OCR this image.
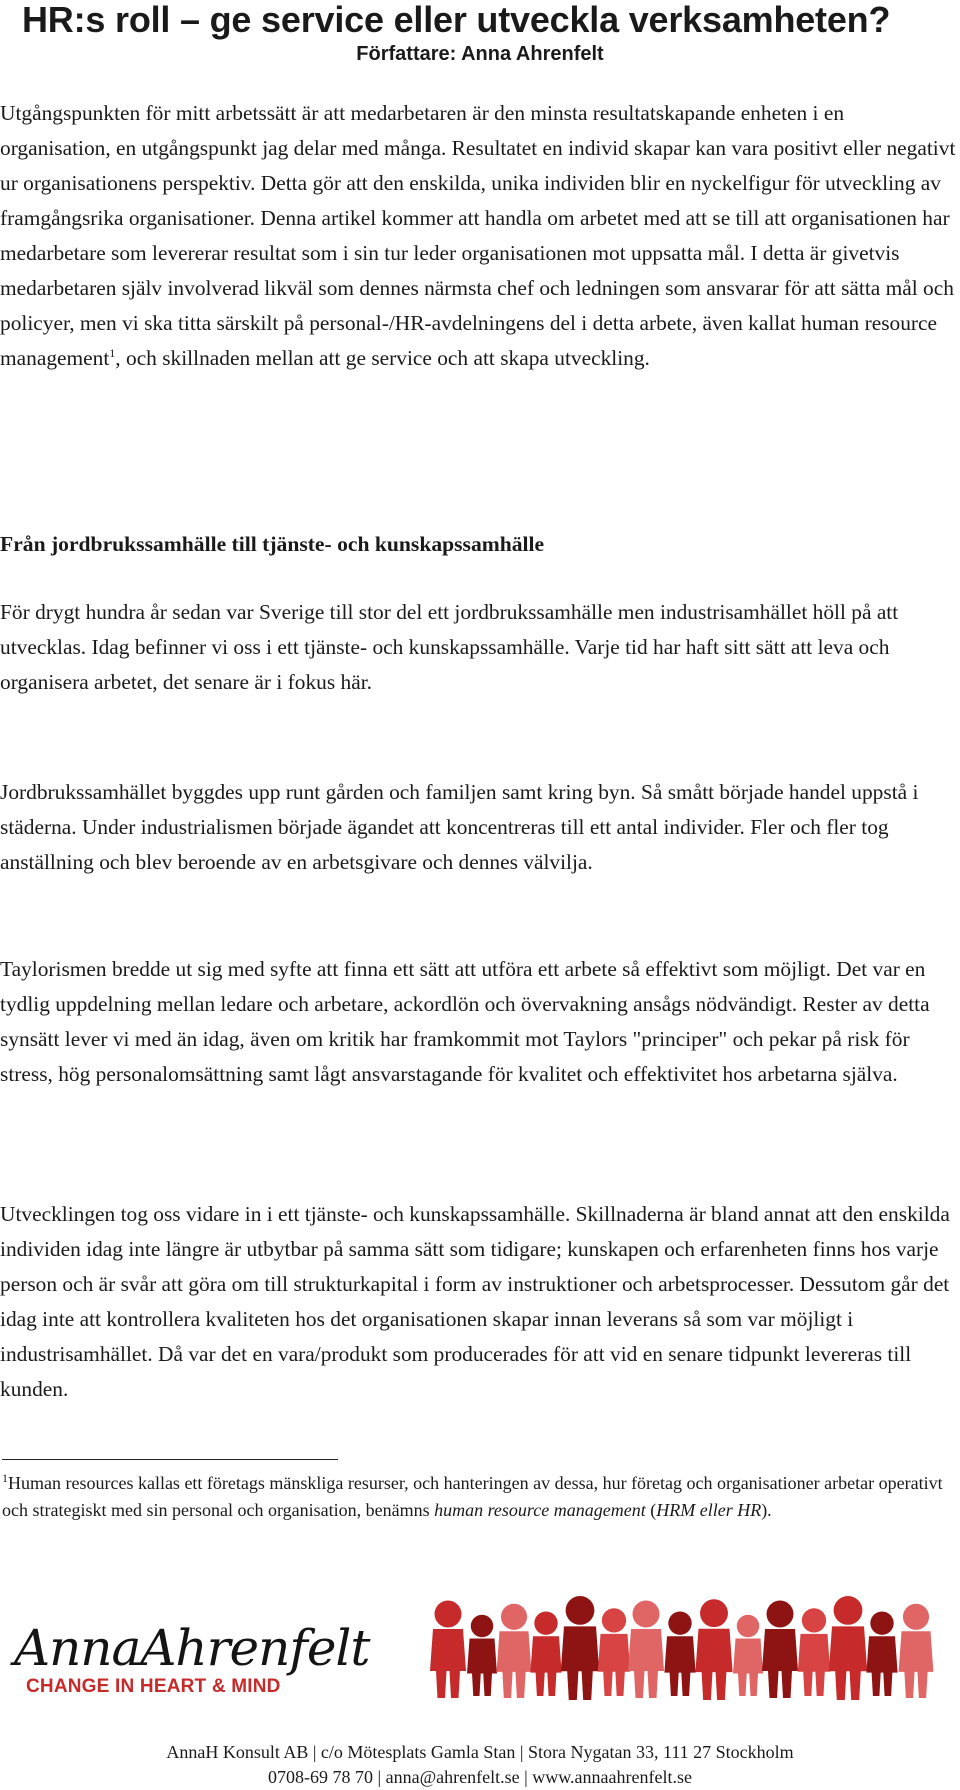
HR:s roll – ge service eller utveckla verksamheten?
Författare: Anna Ahrenfelt

Utgångspunkten för mitt arbetssätt är att medarbetaren är den minsta resultatskapande enheten i en organisation, en utgångspunkt jag delar med många. Resultatet en individ skapar kan vara positivt eller negativt ur organisationens perspektiv. Detta gör att den enskilda, unika individen blir en nyckelfigur för utveckling av framgångsrika organisationer. Denna artikel kommer att handla om arbetet med att se till att organisationen har medarbetare som levererar resultat som i sin tur leder organisationen mot uppsatta mål. I detta är givetvis medarbetaren själv involverad likväl som dennes närmsta chef och ledningen som ansvarar för att sätta mål och policyer, men vi ska titta särskilt på personal-/HR-avdelningens del i detta arbete, även kallat human resource management$^1$, och skillnaden mellan att ge service och att skapa utveckling.

Från jordbrukssamhälle till tjänste- och kunskapssamhälle

För drygt hundra år sedan var Sverige till stor del ett jordbrukssamhälle men industrisamhället höll på att utvecklas. Idag befinner vi oss i ett tjänste- och kunskapssamhälle. Varje tid har haft sitt sätt att leva och organisera arbetet, det senare är i fokus här.

Jordbrukssamhället byggdes upp runt gården och familjen samt kring byn. Så smått började handel uppstå i städerna. Under industrialismen började ägandet att koncentreras till ett antal individer. Fler och fler tog anställning och blev beroende av en arbetsgivare och dennes välvilja.

Taylorismen bredde ut sig med syfte att finna ett sätt att utföra ett arbete så effektivt som möjligt. Det var en tydlig uppdelning mellan ledare och arbetare, ackordlön och övervakning ansågs nödvändigt. Rester av detta synsätt lever vi med än idag, även om kritik har framkommit mot Taylors "principer" och pekar på risk för stress, hög personalomsättning samt lågt ansvarstagande för kvalitet och effektivitet hos arbetarna själva.

Utvecklingen tog oss vidare in i ett tjänste- och kunskapssamhälle. Skillnaderna är bland annat att den enskilda individen idag inte längre är utbytbar på samma sätt som tidigare; kunskapen och erfarenheten finns hos varje person och är svår att göra om till strukturkapital i form av instruktioner och arbetsprocesser. Dessutom går det idag inte att kontrollera kvaliteten hos det organisationen skapar innan leverans så som var möjligt i industrisamhället. Då var det en vara/produkt som producerades för att vid en senare tidpunkt levereras till kunden.

$^1$Human resources kallas ett företags mänskliga resurser, och hanteringen av dessa, hur företag och organisationer arbetar operativt och strategiskt med sin personal och organisation, benämns human resource management (HRM eller HR).

AnnaAhrenfelt
CHANGE IN HEART & MIND
AnnaH Konsult AB | c/o Mötesplats Gamla Stan | Stora Nygatan 33, 111 27 Stockholm
0708-69 78 70 | anna@ahrenfelt.se | www.annaahrenfelt.se
